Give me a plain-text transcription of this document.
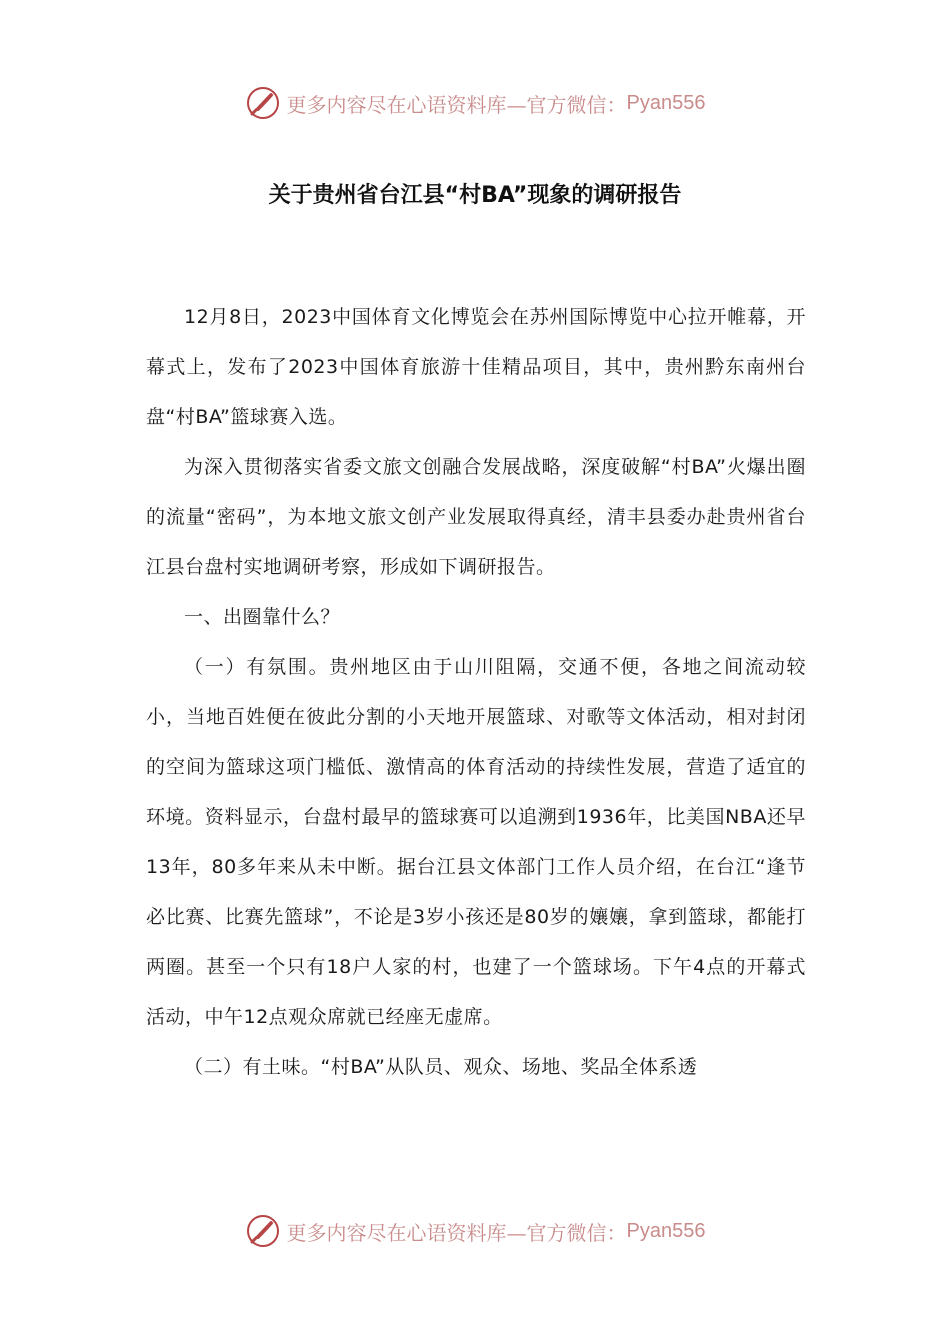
更多内容尽在心语资料库—官方微信： Pyan556
关于贵州省台江县“村BA”现象的调研报告

12月8日，2023中国体育文化博览会在苏州国际博览中心拉开帷幕，开幕式上，发布了2023中国体育旅游十佳精品项目，其中，贵州黔东南州台盘“村BA”篮球赛入选。

为深入贯彻落实省委文旅文创融合发展战略，深度破解“村BA”火爆出圈的流量“密码”，为本地文旅文创产业发展取得真经，清丰县委办赴贵州省台江县台盘村实地调研考察，形成如下调研报告。

一、出圈靠什么？

（一）有氛围。贵州地区由于山川阻隔，交通不便，各地之间流动较小，当地百姓便在彼此分割的小天地开展篮球、对歌等文体活动，相对封闭的空间为篮球这项门槛低、激情高的体育活动的持续性发展，营造了适宜的环境。资料显示，台盘村最早的篮球赛可以追溯到1936年，比美国NBA还早13年，80多年来从未中断。据台江县文体部门工作人员介绍，在台江“逢节必比赛、比赛先篮球”，不论是3岁小孩还是80岁的孃孃，拿到篮球，都能打两圈。甚至一个只有18户人家的村，也建了一个篮球场。下午4点的开幕式活动，中午12点观众席就已经座无虚席。

（二）有土味。“村BA”从队员、观众、场地、奖品全体系透

更多内容尽在心语资料库—官方微信： Pyan556
